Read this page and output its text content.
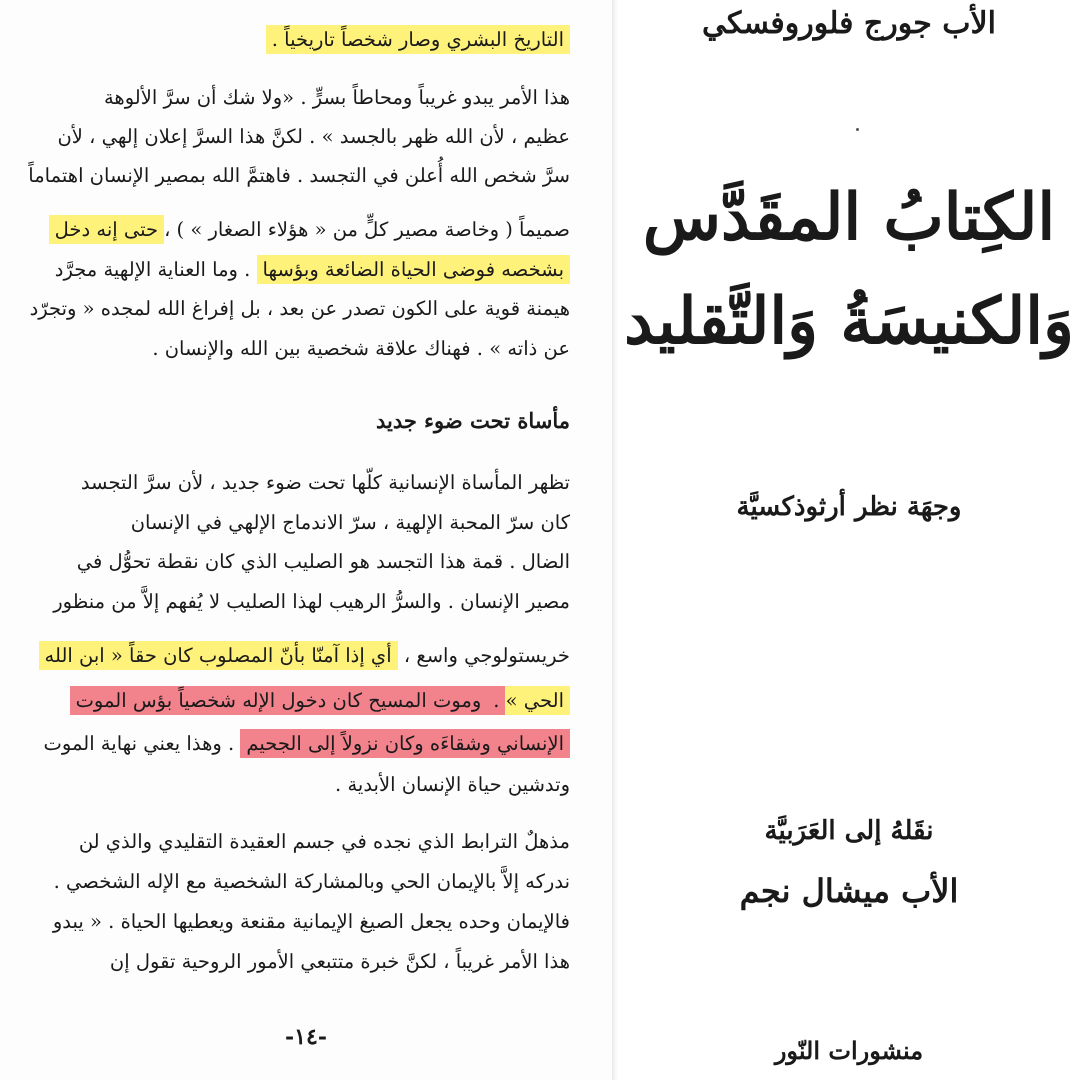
التاريخ البشري وصار شخصاً تاريخياً .
هذا الأمر يبدو غريباً ومحاطاً بسرٍّ . «ولا شك أن سرَّ الألوهة
عظيم ، لأن الله ظهر بالجسد » . لكنَّ هذا السرَّ إعلان إلهي ، لأن
سرَّ شخص الله أُعلن في التجسد . فاهتمَّ الله بمصير الإنسان اهتماماً
صميماً ( وخاصة مصير كلٍّ من « هؤلاء الصغار » ) ،حتى إنه دخل
بشخصه فوضى الحياة الضائعة وبؤسها . وما العناية الإلهية مجرَّد
هيمنة قوية على الكون تصدر عن بعد ، بل إفراغ الله لمجده « وتجرّد
عن ذاته » . فهناك علاقة شخصية بين الله والإنسان .
مأساة تحت ضوء جديد
تظهر المأساة الإنسانية كلّها تحت ضوء جديد ، لأن سرَّ التجسد
كان سرّ المحبة الإلهية ، سرّ الاندماج الإلهي في الإنسان
الضال . قمة هذا التجسد هو الصليب الذي كان نقطة تحوُّل في
مصير الإنسان . والسرُّ الرهيب لهذا الصليب لا يُفهم إلاَّ من منظور
خريستولوجي واسع ، أي إذا آمنّا بأنّ المصلوب كان حقاً « ابن الله
الحي » .وموت المسيح كان دخول الإله شخصياً بؤس الموت
الإنساني وشقاءَه وكان نزولاً إلى الجحيم . وهذا يعني نهاية الموت
وتدشين حياة الإنسان الأبدية .
مذهلٌ الترابط الذي نجده في جسم العقيدة التقليدي والذي لن
ندركه إلاَّ بالإيمان الحي وبالمشاركة الشخصية مع الإله الشخصي .
فالإيمان وحده يجعل الصيغ الإيمانية مقنعة ويعطيها الحياة . « يبدو
هذا الأمر غريباً ، لكنَّ خبرة متتبعي الأمور الروحية تقول إن
-١٤-
الأب جورج فلوروفسكي
الكِتابُ المقَدَّس
وَالكنيسَةُ وَالتَّقليد
وجهَة نظر أرثوذكسيَّة
نقَلهُ إلى العَرَبيَّة
الأب ميشال نجم
منشورات النّور
